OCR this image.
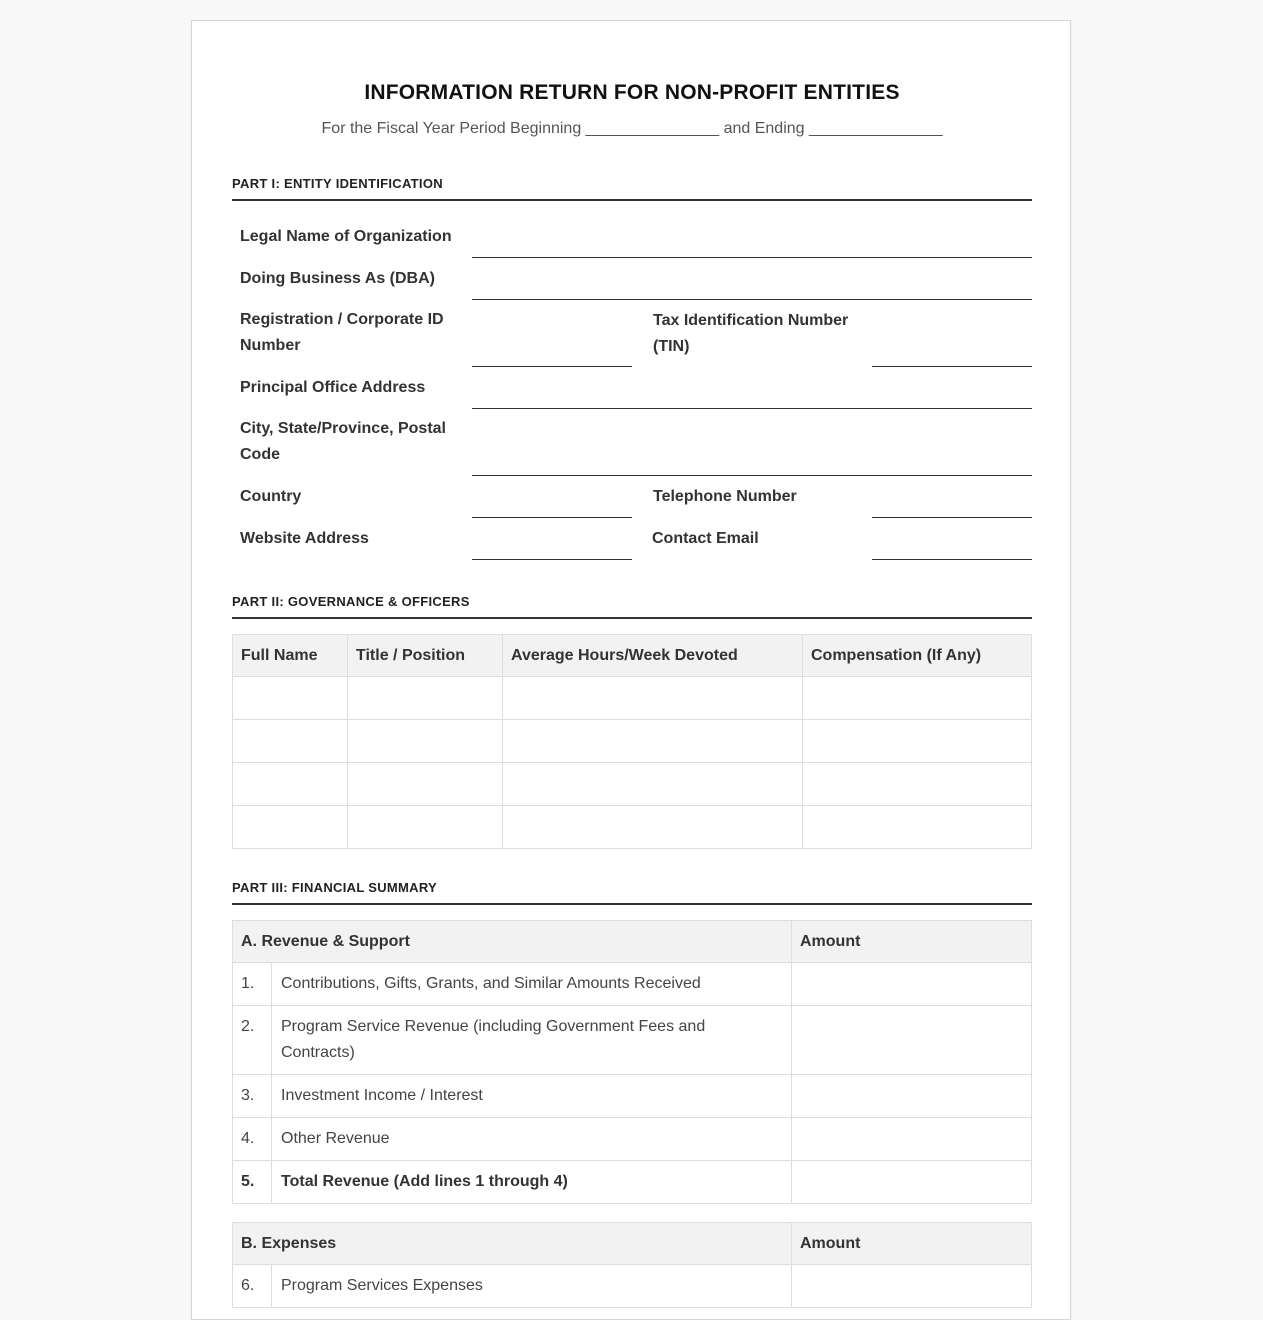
INFORMATION RETURN FOR NON-PROFIT ENTITIES
For the Fiscal Year Period Beginning _______________ and Ending _______________
PART I: ENTITY IDENTIFICATION
Legal Name of Organization
Doing Business As (DBA)
Registration / Corporate ID Number
Tax Identification Number (TIN)
Principal Office Address
City, State/Province, Postal Code
Country	Telephone Number
Website Address	Contact Email
PART II: GOVERNANCE & OFFICERS
Full Name	Title / Position	Average Hours/Week Devoted	Compensation (If Any)

PART III: FINANCIAL SUMMARY
A. Revenue & Support		Amount
1.	Contributions, Gifts, Grants, and Similar Amounts Received	
2.	Program Service Revenue (including Government Fees and Contracts)	
3.	Investment Income / Interest	
4.	Other Revenue	
5.	Total Revenue (Add lines 1 through 4)	
B. Expenses		Amount
6.	Program Services Expenses	
